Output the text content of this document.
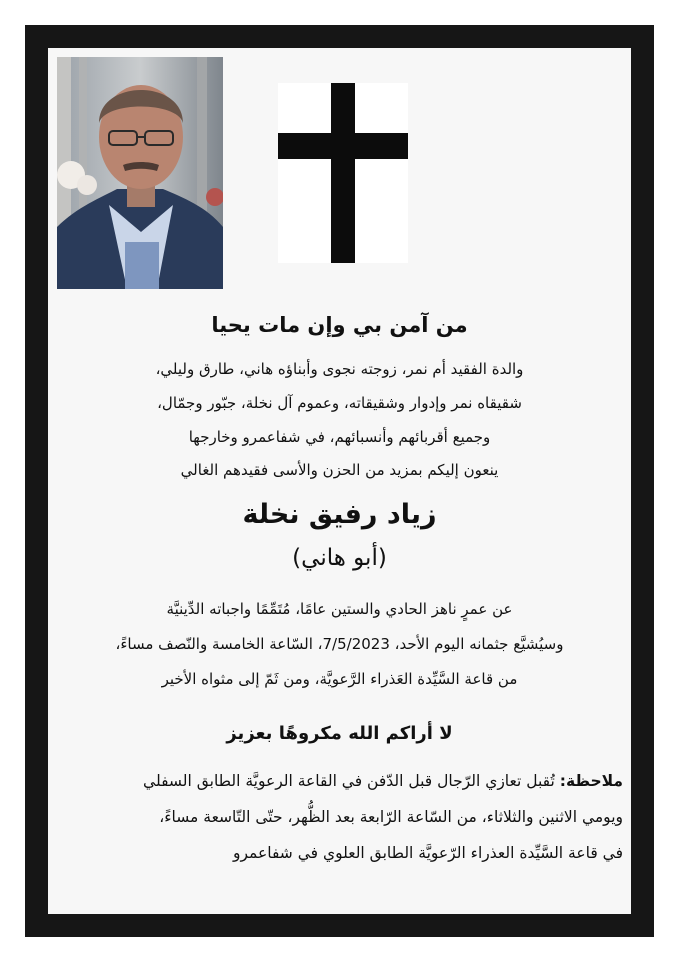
من آمن بي وإن مات يحيا
والدة الفقيد أم نمر، زوجته نجوى وأبناؤه هاني، طارق وليلي،
شقيقاه نمر وإدوار وشقيقاته، وعموم آل نخلة، جبّور وجمّال،
وجميع أقربائهم وأنسبائهم، في شفاعمرو وخارجها
ينعون إليكم بمزيد من الحزن والأسى فقيدهم الغالي
زياد رفيق نخلة
(أبو هاني)
عن عمرٍ ناهز الحادي والستين عامًا، مُتَمِّمًا واجباته الدِّينيَّة
وسيُشيَّع جثمانه اليوم الأحد، 7/5/2023، السّاعة الخامسة والنّصف مساءً،
من قاعة السَّيِّدة العَذراء الرَّعويَّة، ومن ثَمّ إلى مثواه الأخير
لا أراكم الله مكروهًا بعزيز
ملاحظة: تُقبل تعازي الرّجال قبل الدّفن في القاعة الرعويَّة الطابق السفلي
ويومي الاثنين والثلاثاء، من السّاعة الرّابعة بعد الظُّهر، حتّى التّاسعة مساءً،
في قاعة السَّيِّدة العذراء الرّعويَّة الطابق العلوي في شفاعمرو
